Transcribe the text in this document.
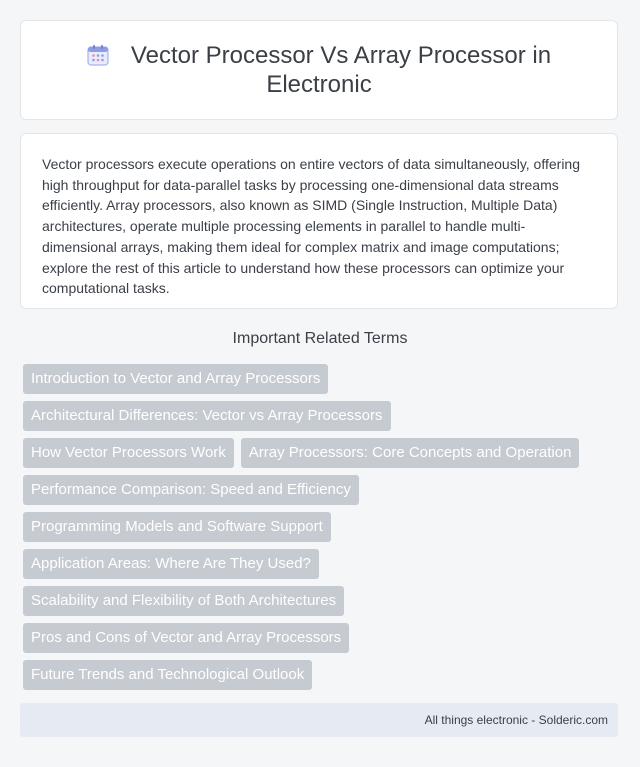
Vector Processor Vs Array Processor in Electronic

Vector processors execute operations on entire vectors of data simultaneously, offering high throughput for data-parallel tasks by processing one-dimensional data streams efficiently. Array processors, also known as SIMD (Single Instruction, Multiple Data) architectures, operate multiple processing elements in parallel to handle multi-dimensional arrays, making them ideal for complex matrix and image computations; explore the rest of this article to understand how these processors can optimize your computational tasks.

Important Related Terms
Introduction to Vector and Array Processors
Architectural Differences: Vector vs Array Processors
How Vector Processors Work	Array Processors: Core Concepts and Operation
Performance Comparison: Speed and Efficiency
Programming Models and Software Support
Application Areas: Where Are They Used?
Scalability and Flexibility of Both Architectures
Pros and Cons of Vector and Array Processors
Future Trends and Technological Outlook
All things electronic - Solderic.com
